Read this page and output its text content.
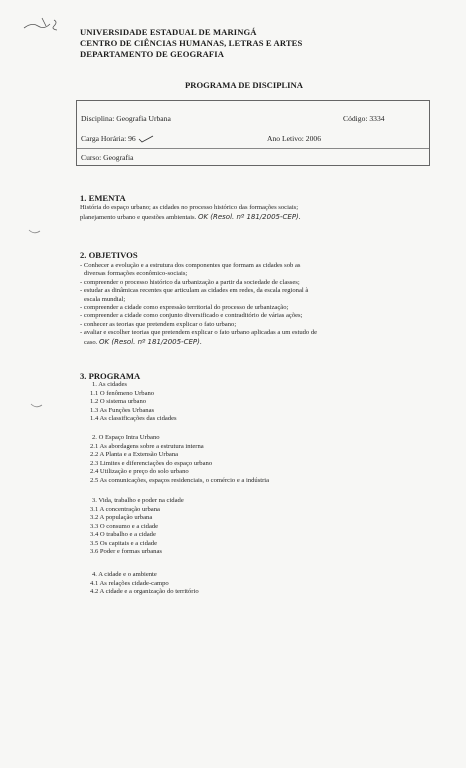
UNIVERSIDADE ESTADUAL DE MARINGÁ
CENTRO DE CIÊNCIAS HUMANAS, LETRAS E ARTES
DEPARTAMENTO DE GEOGRAFIA
PROGRAMA DE DISCIPLINA
Disciplina: Geografia Urbana	Código: 3334
Carga Horária: 96	Ano Letivo: 2006
Curso: Geografia
1. EMENTA
História do espaço urbano; as cidades no processo histórico das formações sociais;
planejamento urbano e questões ambientais. OK (Resol. nº 181/2005-CEP).
2. OBJETIVOS
- Conhecer a evolução e a estrutura dos componentes que formam as cidades sob as
diversas formações econômico-sociais;
- compreender o processo histórico da urbanização a partir da sociedade de classes;
- estudar as dinâmicas recentes que articulam as cidades em redes, da escala regional à
escala mundial;
- compreender a cidade como expressão territorial do processo de urbanização;
- compreender a cidade como conjunto diversificado e contraditório de várias ações;
- conhecer as teorias que pretendem explicar o fato urbano;
- avaliar e escolher teorias que pretendem explicar o fato urbano aplicadas a um estudo de
caso. OK (Resol. nº 181/2005-CEP).
3. PROGRAMA
1. As cidades
1.1 O fenômeno Urbano
1.2 O sistema urbano
1.3 As Funções Urbanas
1.4 As classificações das cidades
2. O Espaço Intra Urbano
2.1 As abordagens sobre a estrutura interna
2.2 A Planta e a Extensão Urbana
2.3 Limites e diferenciações do espaço urbano
2.4 Utilização e preço do solo urbano
2.5 As comunicações, espaços residenciais, o comércio e a indústria
3. Vida, trabalho e poder na cidade
3.1 A concentração urbana
3.2 A população urbana
3.3 O consumo e a cidade
3.4 O trabalho e a cidade
3.5 Os capitais e a cidade
3.6 Poder e formas urbanas
4. A cidade e o ambiente
4.1 As relações cidade-campo
4.2 A cidade e a organização do território
